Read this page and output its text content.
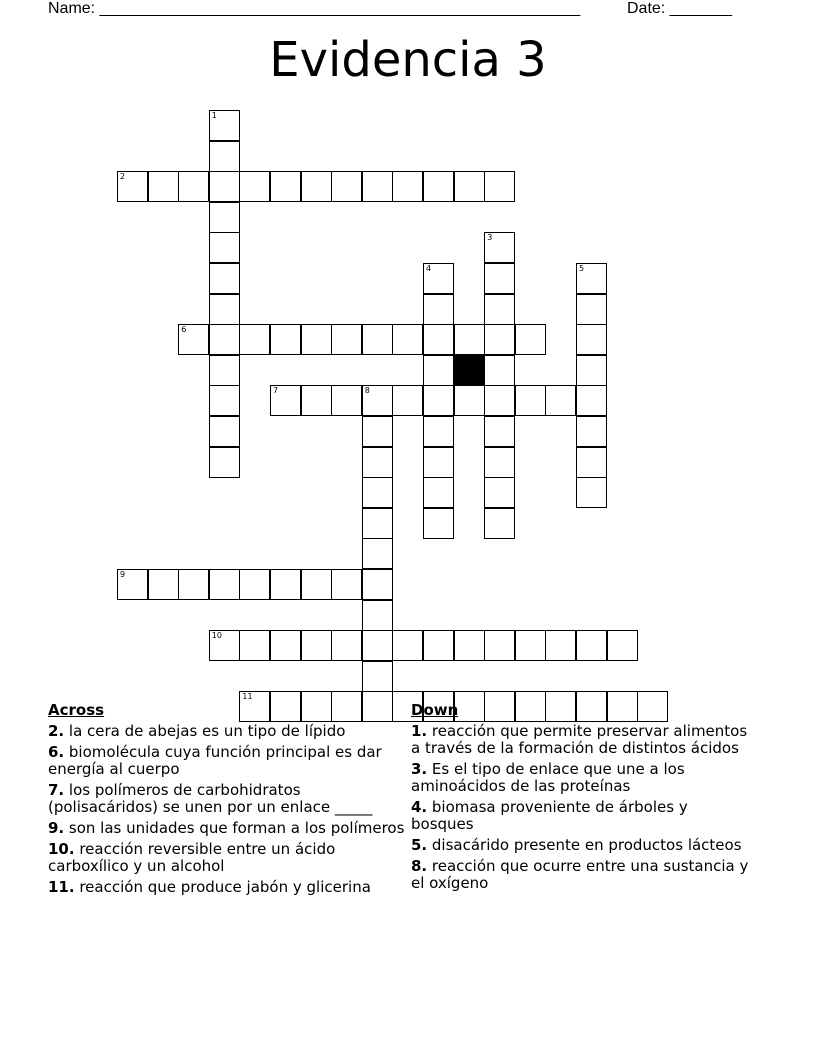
Name: ______________________________________________________	Date: _______
Evidencia 3
1
2
3
4	5
6
7	8
9
10
11
Across
2. la cera de abejas es un tipo de lípido
6. biomolécula cuya función principal es dar energía al cuerpo
7. los polímeros de carbohidratos (polisacáridos) se unen por un enlace _____
9. son las unidades que forman a los polímeros
10. reacción reversible entre un ácido carboxílico y un alcohol
11. reacción que produce jabón y glicerina
Down
1. reacción que permite preservar alimentos a través de la formación de distintos ácidos
3. Es el tipo de enlace que une a los aminoácidos de las proteínas
4. biomasa proveniente de árboles y bosques
5. disacárido presente en productos lácteos
8. reacción que ocurre entre una sustancia y el oxígeno
